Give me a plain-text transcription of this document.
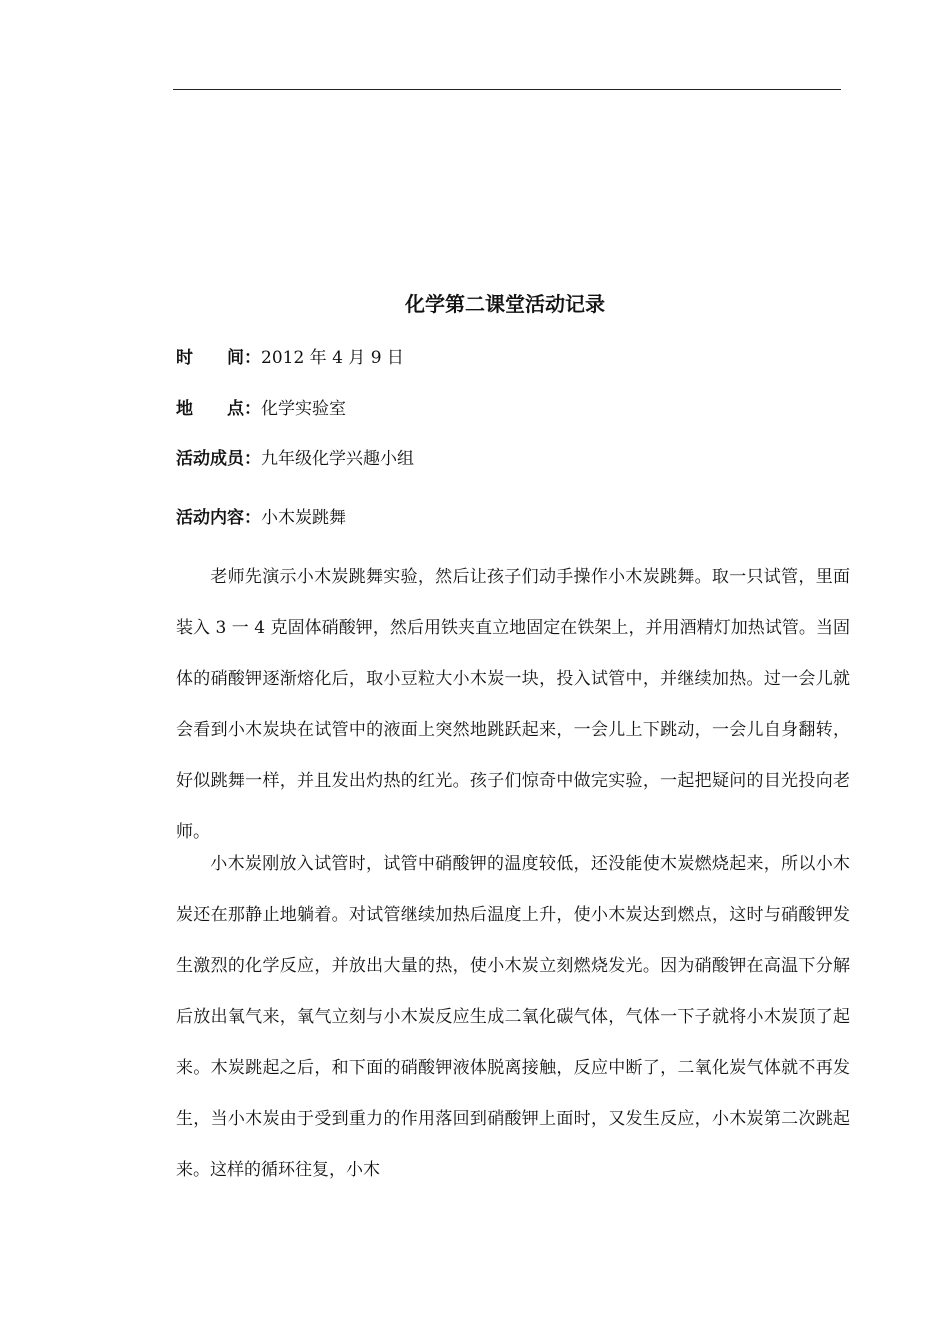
化学第二课堂活动记录
时　　间：2012 年 4 月 9 日
地　　点：化学实验室
活动成员：九年级化学兴趣小组
活动内容：小木炭跳舞

老师先演示小木炭跳舞实验，然后让孩子们动手操作小木炭跳舞。取一只试管，里面装入 3 一 4 克固体硝酸钾，然后用铁夹直立地固定在铁架上，并用酒精灯加热试管。当固体的硝酸钾逐渐熔化后，取小豆粒大小木炭一块，投入试管中，并继续加热。过一会儿就会看到小木炭块在试管中的液面上突然地跳跃起来，一会儿上下跳动，一会儿自身翻转，好似跳舞一样，并且发出灼热的红光。孩子们惊奇中做完实验，一起把疑问的目光投向老师。

小木炭刚放入试管时，试管中硝酸钾的温度较低，还没能使木炭燃烧起来，所以小木炭还在那静止地躺着。对试管继续加热后温度上升，使小木炭达到燃点，这时与硝酸钾发生激烈的化学反应，并放出大量的热，使小木炭立刻燃烧发光。因为硝酸钾在高温下分解后放出氧气来，氧气立刻与小木炭反应生成二氧化碳气体，气体一下子就将小木炭顶了起来。木炭跳起之后，和下面的硝酸钾液体脱离接触，反应中断了，二氧化炭气体就不再发生，当小木炭由于受到重力的作用落回到硝酸钾上面时，又发生反应，小木炭第二次跳起来。这样的循环往复，小木
